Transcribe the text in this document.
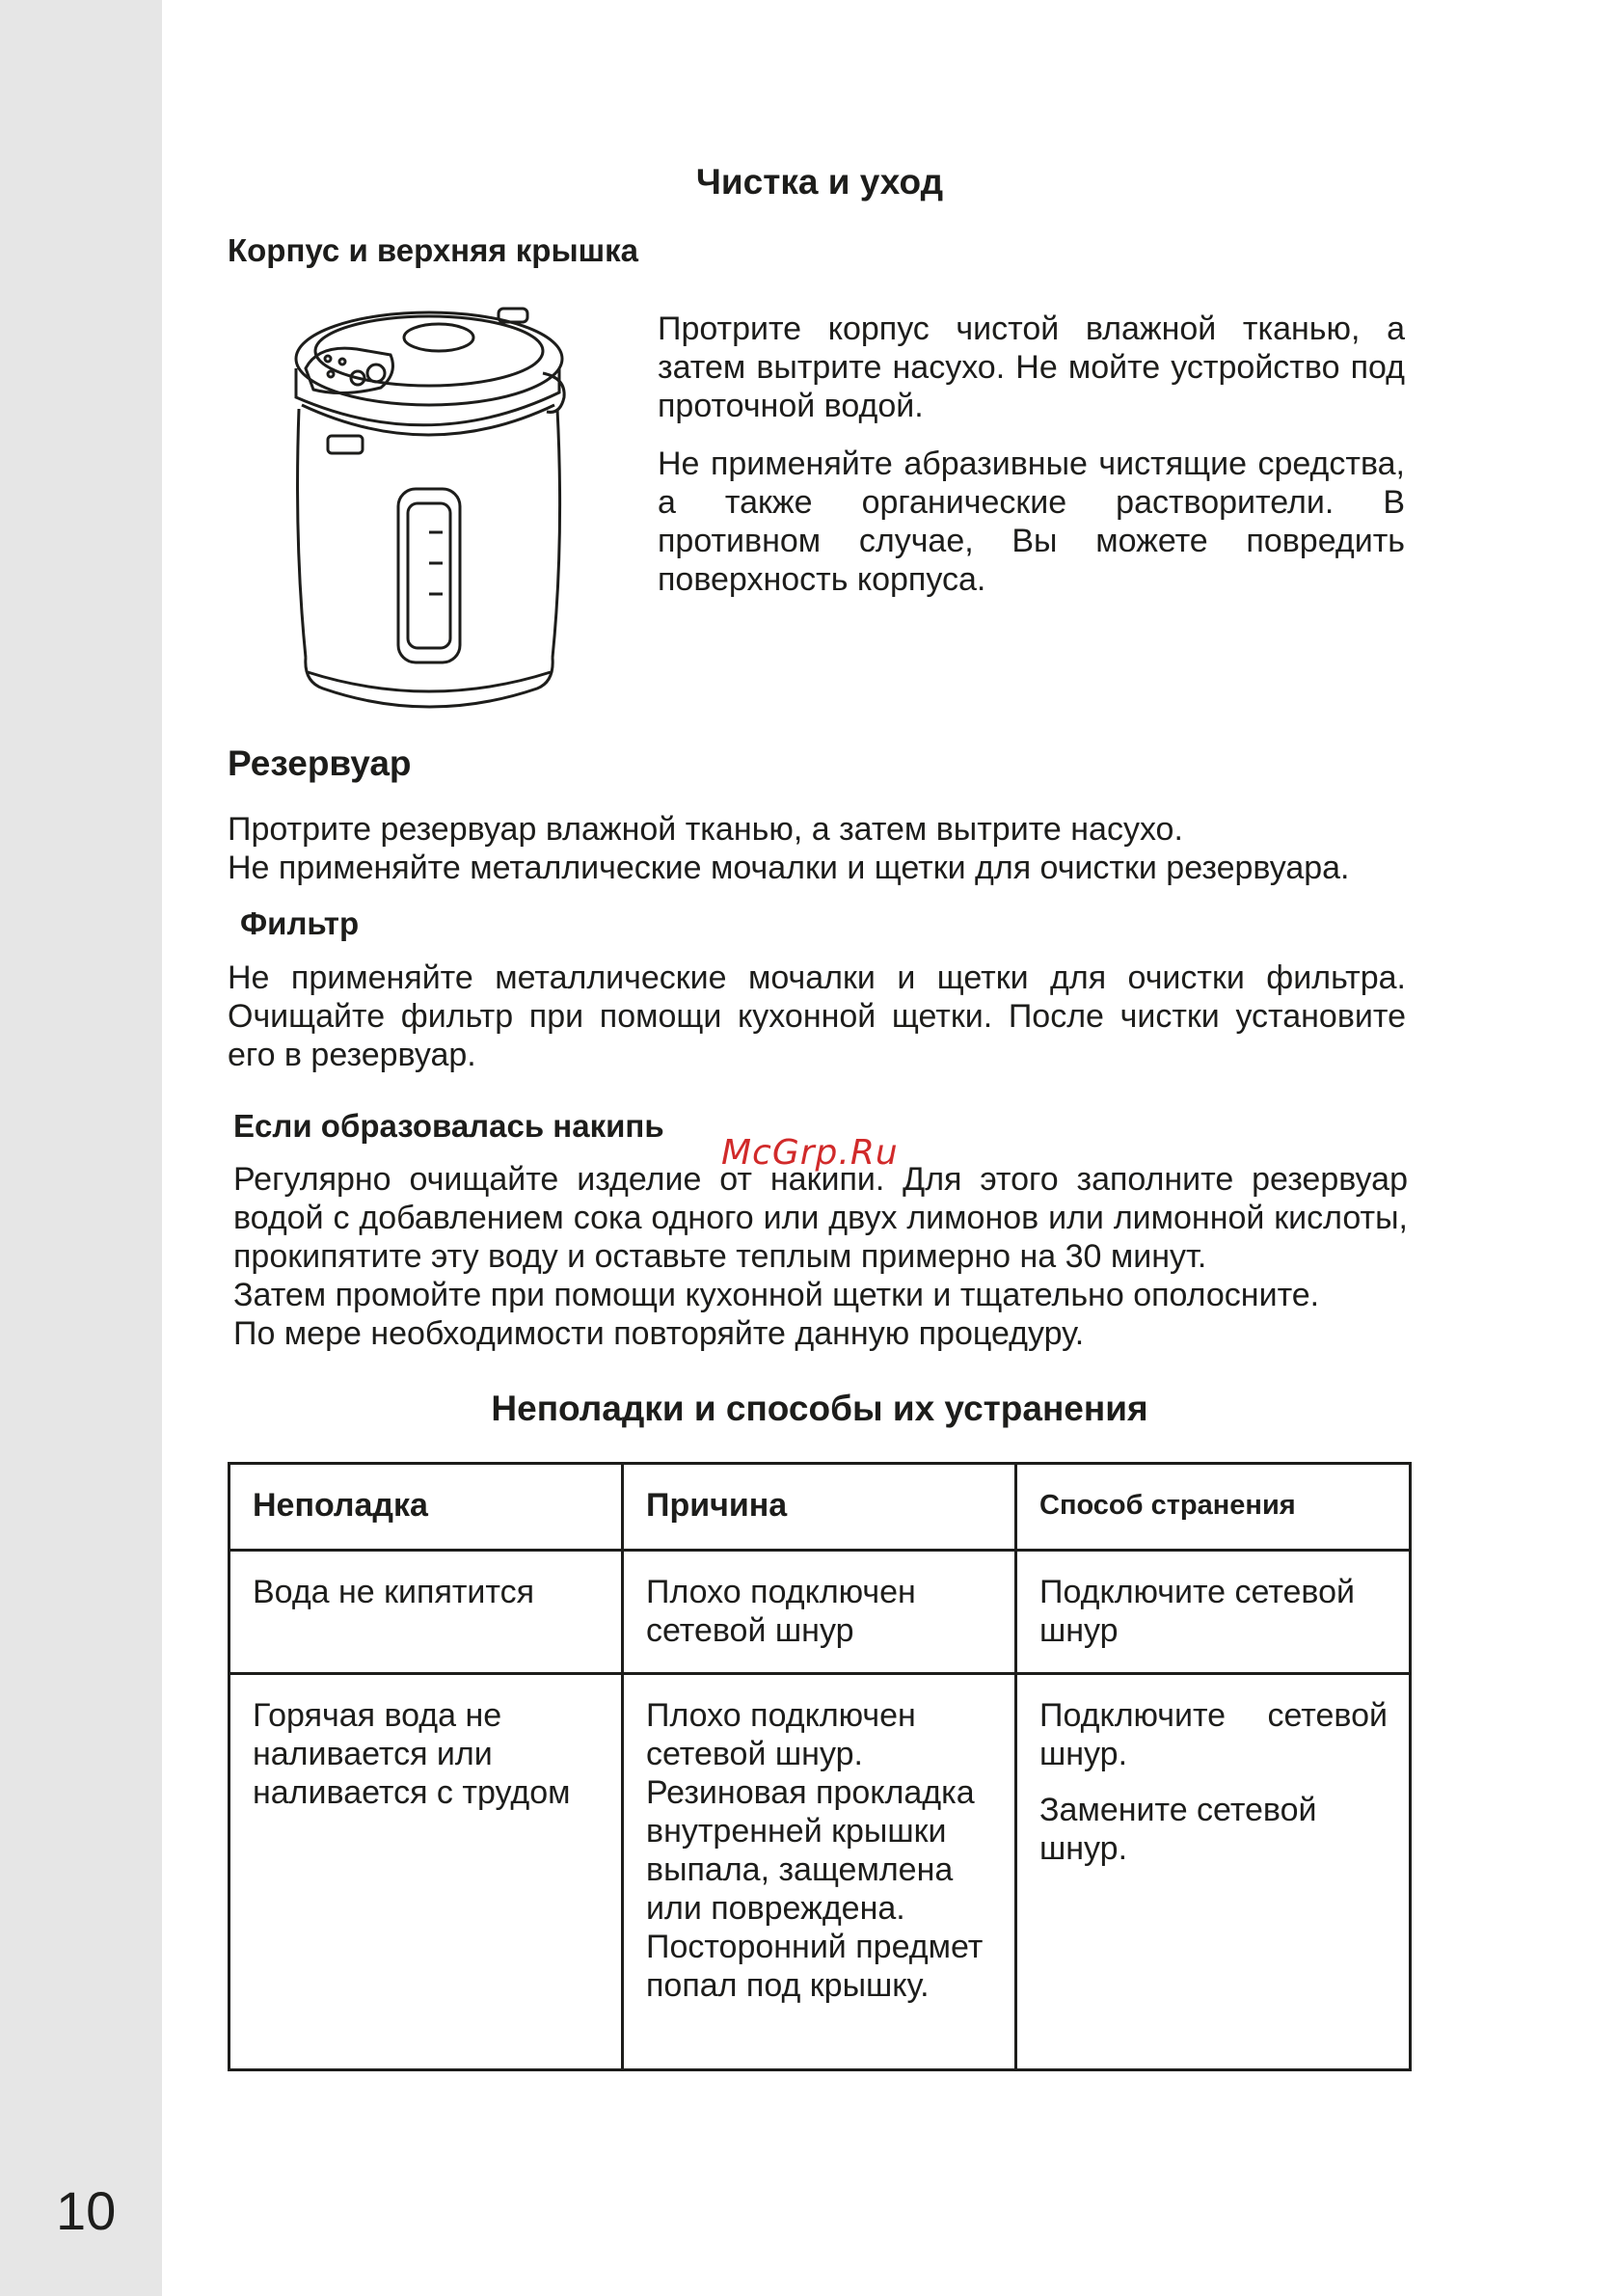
10
Чистка и уход
Корпус и верхняя крышка

Протрите корпус чистой влажной тканью, а затем вытрите насухо. Не мойте устройство под проточной водой.

Не применяйте абразивные чистящие средства, а также органические растворители. В противном случае, Вы можете повредить поверхность корпуса.

Резервуар

Протрите резервуар влажной тканью, а затем вытрите насухо.
Не применяйте металлические мочалки и щетки для очистки резервуара.

Фильтр

Не применяйте металлические мочалки и щетки для очистки фильтра. Очищайте фильтр при помощи кухонной щетки. После чистки установите его в резервуар.

Если образовалась накипь
McGrp.Ru

Регулярно очищайте изделие от накипи. Для этого заполните резервуар водой с добавлением сока одного или двух лимонов или лимонной кислоты, прокипятите эту воду и оставьте теплым примерно на 30 минут.
Затем промойте при помощи кухонной щетки и тщательно ополосните.
По мере необходимости повторяйте данную процедуру.

Неполадки и способы их устранения
Неполадка	Причина	Способ странения
Вода не кипятится	Плохо подключен сетевой шнур	Подключите сетевой шнур
Горячая вода не наливается или наливается с трудом	Плохо подключен сетевой шнур. Резиновая прокладка внутренней крышки выпала, защемлена или повреждена. Посторонний предмет попал под крышку.	Подключите сетевой шнур.
Замените сетевой шнур.
